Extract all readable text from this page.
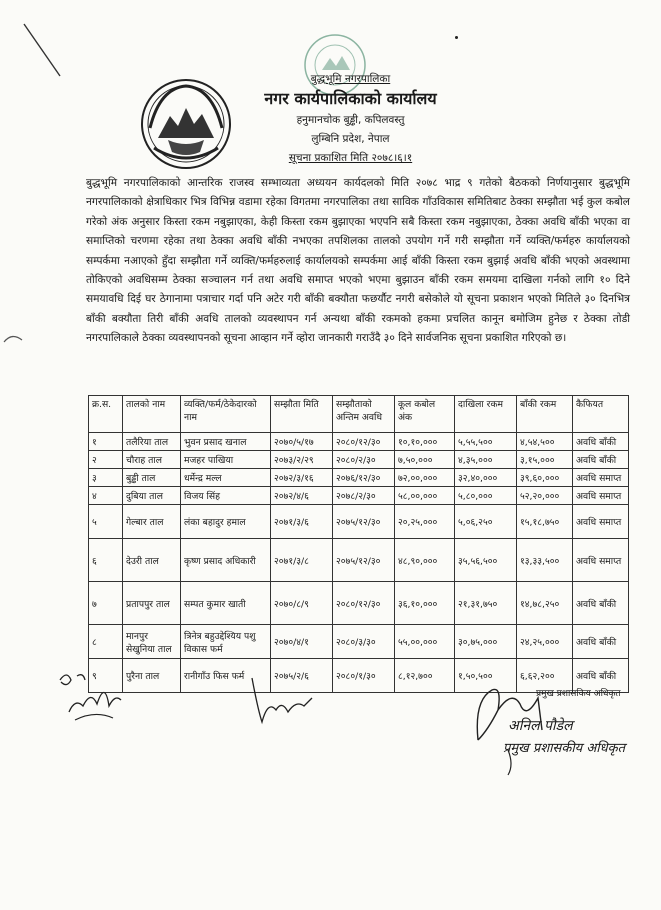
बुद्धभूमि नगरपालिका
नगर कार्यपालिकाको कार्यालय
हनुमानचोक बुड्ढी, कपिलवस्तु
लुम्बिनि प्रदेश, नेपाल
सूचना प्रकाशित मिति २०७८।६।१

बुद्धभूमि नगरपालिकाको आन्तरिक राजस्व सम्भाव्यता अध्ययन कार्यदलको मिति २०७८ भाद्र ९ गतेको बैठकको निर्णयानुसार बुद्धभूमि नगरपालिकाको क्षेत्राधिकार भित्र विभिन्न वडामा रहेका विगतमा नगरपालिका तथा साविक गाँउविकास समितिबाट ठेक्का सम्झौता भई कुल कबोल गरेको अंक अनुसार किस्ता रकम नबुझाएका, केही किस्ता रकम बुझाएका भएपनि सबै किस्ता रकम नबुझाएका, ठेक्का अवधि बाँकी भएका वा समाप्तिको चरणमा रहेका तथा ठेक्का अवधि बाँकी नभएका तपशिलका तालको उपयोग गर्ने गरी सम्झौता गर्ने व्यक्ति/फर्महरु कार्यालयको सम्पर्कमा नआएको हुँदा सम्झौता गर्ने व्यक्ति/फर्महरुलाई कार्यालयको सम्पर्कमा आई बाँकी किस्ता रकम बुझाई अवधि बाँकी भएको अवस्थामा तोकिएको अवधिसम्म ठेक्का सञ्चालन गर्न तथा अवधि समाप्त भएको भएमा बुझाउन बाँकी रकम समयमा दाखिला गर्नको लागि १० दिने समयावधि दिई घर ठेगानामा पत्राचार गर्दा पनि अटेर गरी बाँकी बक्यौता फछर्यौट नगरी बसेकोले यो सूचना प्रकाशन भएको मितिले ३० दिनभित्र बाँकी बक्यौता तिरी बाँकी अवधि तालको व्यवस्थापन गर्न अन्यथा बाँकी रकमको हकमा प्रचलित कानून बमोजिम हुनेछ र ठेक्का तोडी नगरपालिकाले ठेक्का व्यवस्थापनको सूचना आव्हान गर्ने व्होरा जानकारी गराउँदै ३० दिने सार्वजनिक सूचना प्रकाशित गरिएको छ।

क्र.स.	तालको नाम	व्यक्ति/फर्म/ठेकेदारको नाम	सम्झौता मिति	सम्झौताको अन्तिम अवधि	कूल कबोल अंक	दाखिला रकम	बाँकी रकम	कैफियत
१	तलैरिया ताल	भुवन प्रसाद खनाल	२०७०/५/१७	२०८०/१२/३०	१०,१०,०००	५,५५,५००	४,५४,५००	अवधि बाँकी
२	चौराह ताल	मजहर पाखिया	२०७३/२/२९	२०८०/२/३०	७,५०,०००	४,३५,०००	३,१५,०००	अवधि बाँकी
३	बुड्ढी ताल	धर्मेन्द्र मल्ल	२०७२/३/१६	२०७६/१२/३०	७२,००,०००	३२,४०,०००	३९,६०,०००	अवधि समाप्त
४	दुबिया ताल	विजय सिंह	२०७२/४/६	२०७८/२/३०	५८,००,०००	५,८०,०००	५२,२०,०००	अवधि समाप्त
५	गेल्बार ताल	लंका बहादुर हमाल	२०७१/३/६	२०७५/१२/३०	२०,२५,०००	५,०६,२५०	१५,१८,७५०	अवधि समाप्त
६	देउरी ताल	कृष्ण प्रसाद अधिकारी	२०७१/३/८	२०७५/१२/३०	४८,९०,०००	३५,५६,५००	१३,३३,५००	अवधि समाप्त
७	प्रतापपुर ताल	सम्पत कुमार खाती	२०७०/८/९	२०८०/१२/३०	३६,१०,०००	२१,३१,७५०	१४,७८,२५०	अवधि बाँकी
८	मानपुर सेखुनिया ताल	त्रिनेत्र बहुउद्देश्यिय पशु विकास फर्म	२०७०/४/१	२०८०/३/३०	५५,००,०००	३०,७५,०००	२४,२५,०००	अवधि बाँकी
९	पुरैना ताल	रानीगाँउ फिस फर्म	२०७५/२/६	२०८०/१/३०	८,१२,७००	१,५०,५००	६,६२,२००	अवधि बाँकी
प्रमुख प्रशासकिय अधिकृत
अनिल पौडेल
प्रमुख प्रशासकीय अधिकृत
